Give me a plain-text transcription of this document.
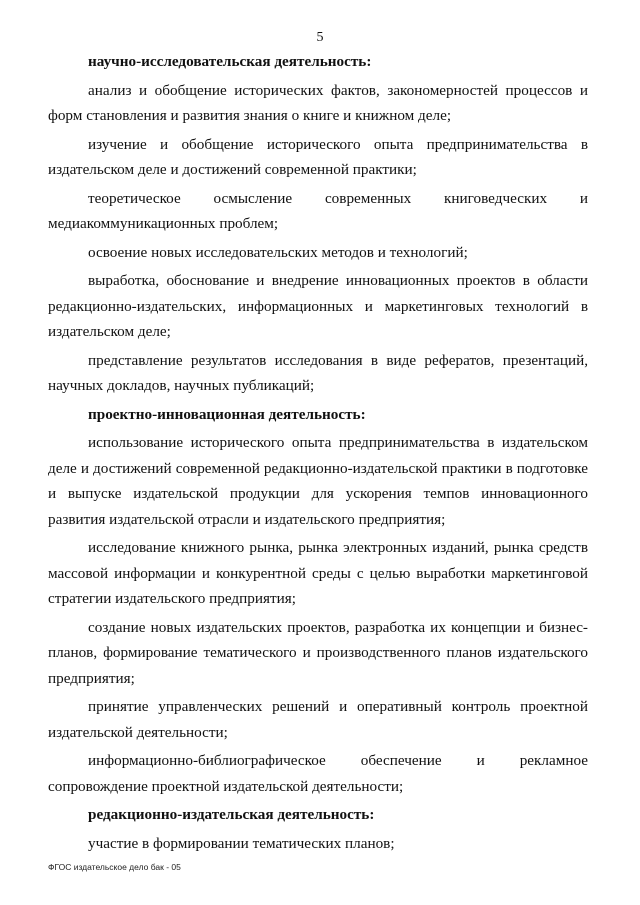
5

научно-исследовательская деятельность:

анализ и обобщение исторических фактов, закономерностей процессов и форм становления и развития знания о книге и книжном деле;

изучение и обобщение исторического опыта предпринимательства в издательском деле и достижений современной практики;

теоретическое осмысление современных книговедческих и медиакоммуникационных проблем;

освоение новых исследовательских методов и технологий;

выработка, обоснование и внедрение инновационных проектов в области редакционно-издательских, информационных и маркетинговых технологий в издательском деле;

представление результатов исследования в виде рефератов, презентаций, научных докладов, научных публикаций;

проектно-инновационная деятельность:

использование исторического опыта предпринимательства в издательском деле и достижений современной редакционно-издательской практики в подготовке и выпуске издательской продукции для ускорения темпов инновационного развития издательской отрасли и издательского предприятия;

исследование книжного рынка, рынка электронных изданий, рынка средств массовой информации и конкурентной среды с целью выработки маркетинговой стратегии издательского предприятия;

создание новых издательских проектов, разработка их концепции и бизнес-планов, формирование тематического и производственного планов издательского предприятия;

принятие управленческих решений и оперативный контроль проектной издательской деятельности;

информационно-библиографическое обеспечение и рекламное сопровождение проектной издательской деятельности;

редакционно-издательская деятельность:

участие в формировании тематических планов;

ФГОС издательское дело бак - 05
